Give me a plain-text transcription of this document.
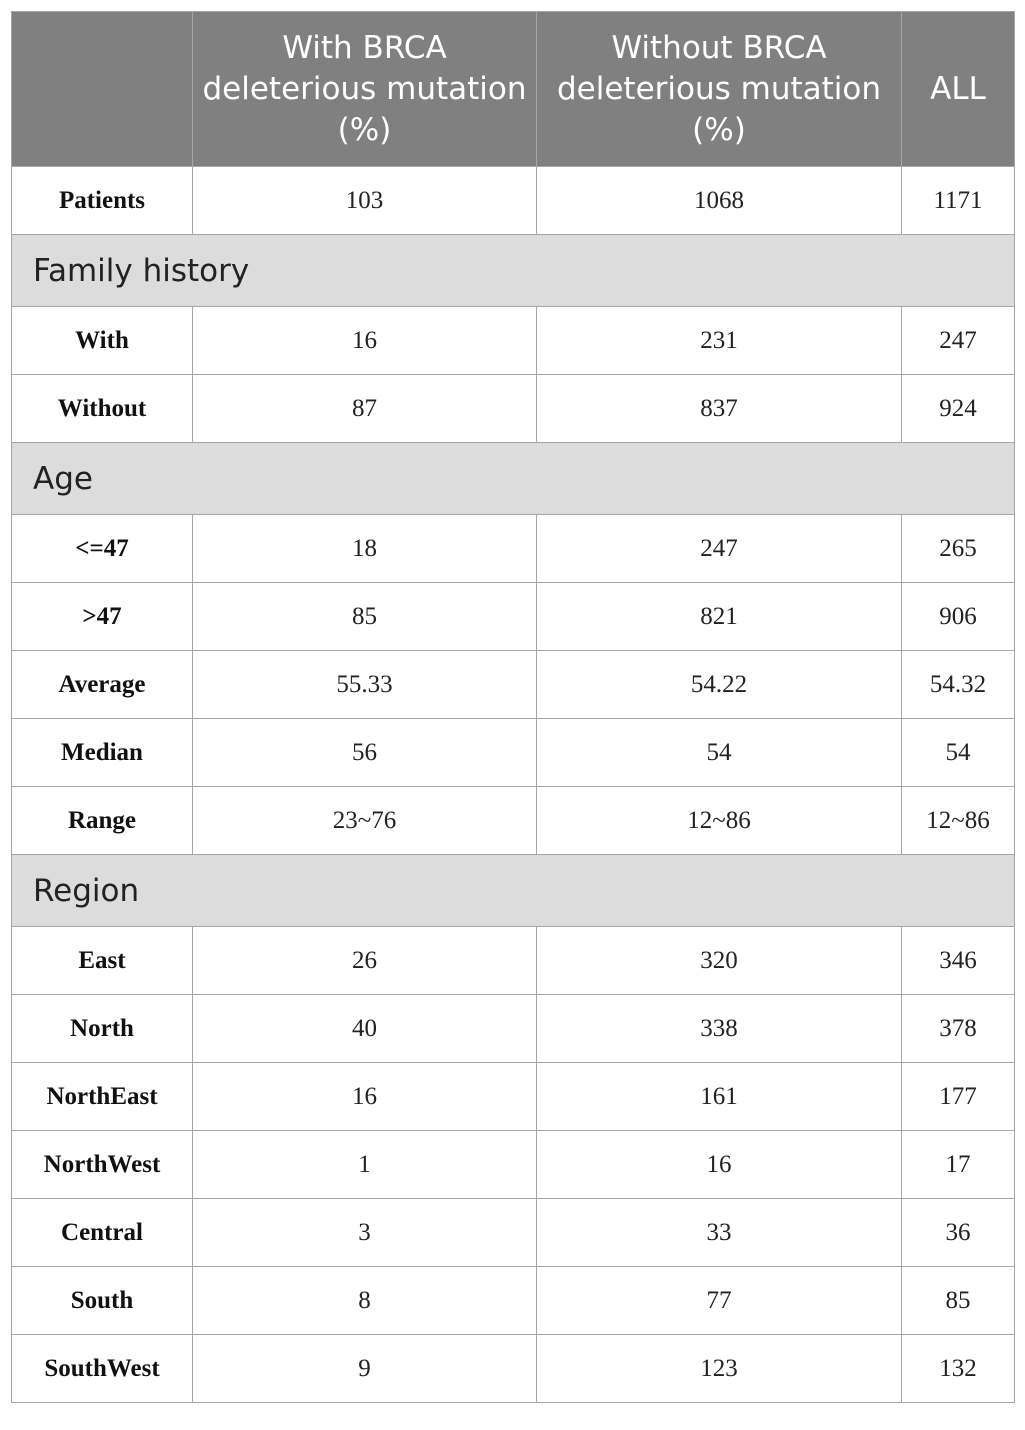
	With BRCA deleterious mutation (%)	Without BRCA deleterious mutation (%)	ALL
Patients	103	1068	1171
Family history			
With	16	231	247
Without	87	837	924
Age			
<=47	18	247	265
>47	85	821	906
Average	55.33	54.22	54.32
Median	56	54	54
Range	23~76	12~86	12~86
Region			
East	26	320	346
North	40	338	378
NorthEast	16	161	177
NorthWest	1	16	17
Central	3	33	36
South	8	77	85
SouthWest	9	123	132
